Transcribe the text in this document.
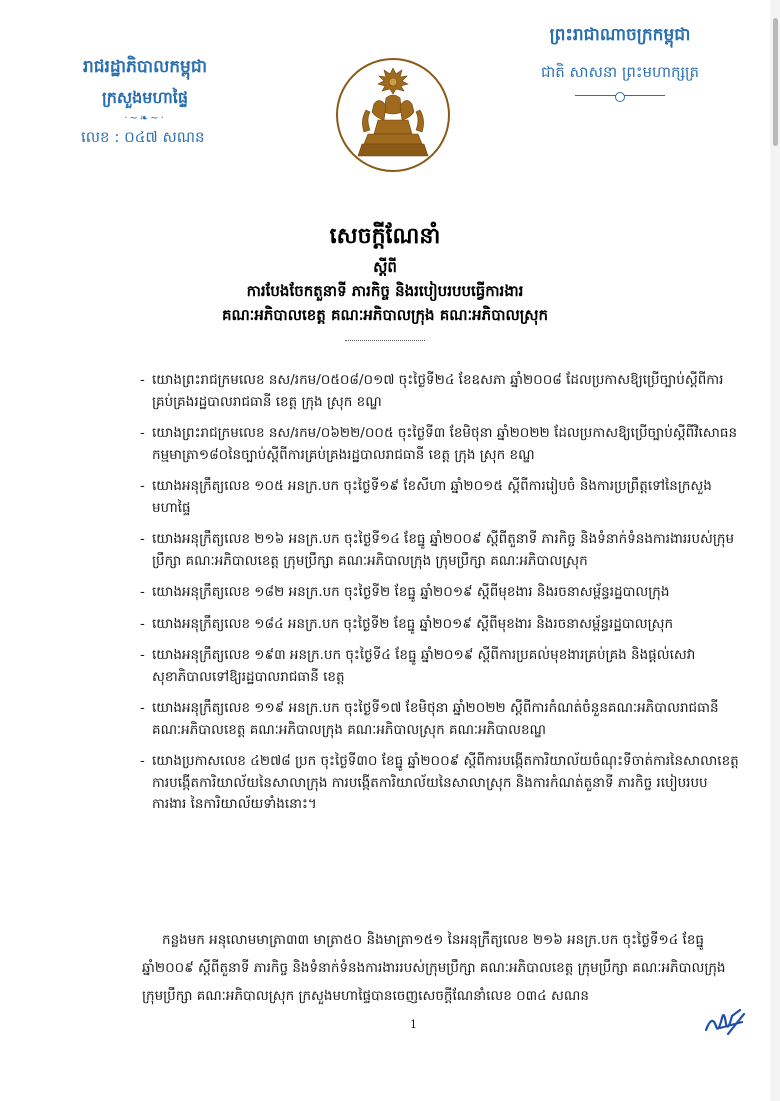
រាជរដ្ឋាភិបាលកម្ពុជា
ក្រសួងមហាផ្ទៃ
·~❧~·
លេខ : ០៤៧ សណន
ព្រះរាជាណាចក្រកម្ពុជា
ជាតិ សាសនា ព្រះមហាក្សត្រ
សេចក្ដីណែនាំ
ស្ដីពី
ការបែងចែកតួនាទី ភារកិច្ច និងរបៀបរបបធ្វើការងារ
គណៈអភិបាលខេត្ត គណៈអភិបាលក្រុង គណៈអភិបាលស្រុក
- យោងព្រះរាជក្រមលេខ នស/រកម/០៥០៨/០១៧ ចុះថ្ងៃទី២៤ ខែឧសភា ឆ្នាំ២០០៨ ដែលប្រកាសឱ្យប្រើច្បាប់ស្ដីពីការគ្រប់គ្រងរដ្ឋបាលរាជធានី ខេត្ត ក្រុង ស្រុក ខណ្ឌ
- យោងព្រះរាជក្រមលេខ នស/រកម/០៦២២/០០៥ ចុះថ្ងៃទី៣ ខែមិថុនា ឆ្នាំ២០២២ ដែលប្រកាសឱ្យប្រើច្បាប់ស្ដីពីវិសោធនកម្មមាត្រា១៨០នៃច្បាប់ស្ដីពីការគ្រប់គ្រងរដ្ឋបាលរាជធានី ខេត្ត ក្រុង ស្រុក ខណ្ឌ
- យោងអនុក្រឹត្យលេខ ១០៥ អនក្រ.បក ចុះថ្ងៃទី១៩ ខែសីហា ឆ្នាំ២០១៥ ស្ដីពីការរៀបចំ និងការប្រព្រឹត្តទៅនៃក្រសួងមហាផ្ទៃ
- យោងអនុក្រឹត្យលេខ ២១៦ អនក្រ.បក ចុះថ្ងៃទី១៤ ខែធ្នូ ឆ្នាំ២០០៩ ស្ដីពីតួនាទី ភារកិច្ច និងទំនាក់ទំនងការងាររបស់ក្រុមប្រឹក្សា គណៈអភិបាលខេត្ត ក្រុមប្រឹក្សា គណៈអភិបាលក្រុង ក្រុមប្រឹក្សា គណៈអភិបាលស្រុក
- យោងអនុក្រឹត្យលេខ ១៨២ អនក្រ.បក ចុះថ្ងៃទី២ ខែធ្នូ ឆ្នាំ២០១៩ ស្ដីពីមុខងារ និងរចនាសម្ព័ន្ធរដ្ឋបាលក្រុង
- យោងអនុក្រឹត្យលេខ ១៨៤ អនក្រ.បក ចុះថ្ងៃទី២ ខែធ្នូ ឆ្នាំ២០១៩ ស្ដីពីមុខងារ និងរចនាសម្ព័ន្ធរដ្ឋបាលស្រុក
- យោងអនុក្រឹត្យលេខ ១៩៣ អនក្រ.បក ចុះថ្ងៃទី៤ ខែធ្នូ ឆ្នាំ២០១៩ ស្ដីពីការប្រគល់មុខងារគ្រប់គ្រង និងផ្ដល់សេវាសុខាភិបាលទៅឱ្យរដ្ឋបាលរាជធានី ខេត្ត
- យោងអនុក្រឹត្យលេខ ១១៩ អនក្រ.បក ចុះថ្ងៃទី១៧ ខែមិថុនា ឆ្នាំ២០២២ ស្ដីពីការកំណត់ចំនួនគណៈអភិបាលរាជធានី គណៈអភិបាលខេត្ត គណៈអភិបាលក្រុង គណៈអភិបាលស្រុក គណៈអភិបាលខណ្ឌ
- យោងប្រកាសលេខ ៤២៧៨ ប្រក ចុះថ្ងៃទី៣០ ខែធ្នូ ឆ្នាំ២០០៩ ស្ដីពីការបង្កើតការិយាល័យចំណុះទីចាត់ការនៃសាលាខេត្ត ការបង្កើតការិយាល័យនៃសាលាក្រុង ការបង្កើតការិយាល័យនៃសាលាស្រុក និងការកំណត់តួនាទី ភារកិច្ច របៀបរបបការងារ នៃការិយាល័យទាំងនោះ។
កន្លងមក អនុលោមមាត្រា៣៣ មាត្រា៥០ និងមាត្រា១៥១ នៃអនុក្រឹត្យលេខ ២១៦ អនក្រ.បក ចុះថ្ងៃទី១៤ ខែធ្នូ ឆ្នាំ២០០៩ ស្ដីពីតួនាទី ភារកិច្ច និងទំនាក់ទំនងការងាររបស់ក្រុមប្រឹក្សា គណៈអភិបាលខេត្ត ក្រុមប្រឹក្សា គណៈអភិបាលក្រុង ក្រុមប្រឹក្សា គណៈអភិបាលស្រុក ក្រសួងមហាផ្ទៃបានចេញសេចក្ដីណែនាំលេខ ០៣៤ សណន
1
